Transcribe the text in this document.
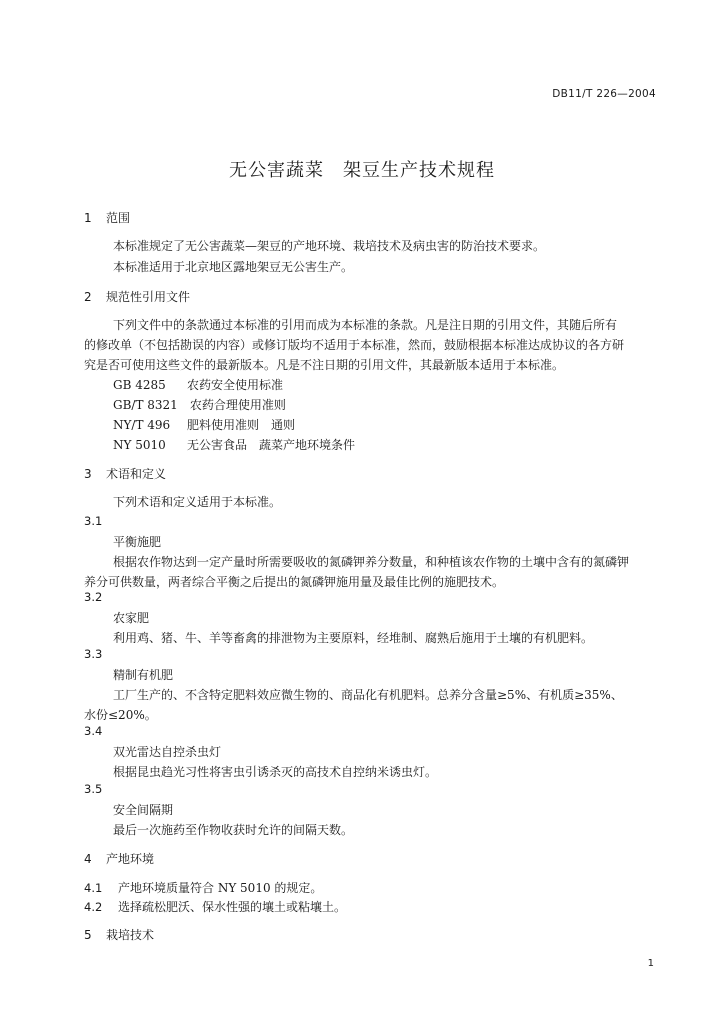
DB11/T 226—2004
无公害蔬菜　架豆生产技术规程
1 范围
本标准规定了无公害蔬菜—架豆的产地环境、栽培技术及病虫害的防治技术要求。
本标准适用于北京地区露地架豆无公害生产。
2 规范性引用文件
下列文件中的条款通过本标准的引用而成为本标准的条款。凡是注日期的引用文件，其随后所有
的修改单（不包括勘误的内容）或修订版均不适用于本标准，然而，鼓励根据本标准达成协议的各方研
究是否可使用这些文件的最新版本。凡是不注日期的引用文件，其最新版本适用于本标准。
GB 4285 农药安全使用标准
GB/T 8321 农药合理使用准则
NY/T 496 肥料使用准则　通则
NY 5010 无公害食品　蔬菜产地环境条件
3 术语和定义
下列术语和定义适用于本标准。
3.1
平衡施肥
根据农作物达到一定产量时所需要吸收的氮磷钾养分数量，和种植该农作物的土壤中含有的氮磷钾
养分可供数量，两者综合平衡之后提出的氮磷钾施用量及最佳比例的施肥技术。
3.2
农家肥
利用鸡、猪、牛、羊等畜禽的排泄物为主要原料，经堆制、腐熟后施用于土壤的有机肥料。
3.3
精制有机肥
工厂生产的、不含特定肥料效应微生物的、商品化有机肥料。总养分含量≥5%、有机质≥35%、
水份≤20%。
3.4
双光雷达自控杀虫灯
根据昆虫趋光习性将害虫引诱杀灭的高技术自控纳米诱虫灯。
3.5
安全间隔期
最后一次施药至作物收获时允许的间隔天数。
4 产地环境
4.1 产地环境质量符合 NY 5010 的规定。
4.2 选择疏松肥沃、保水性强的壤土或粘壤土。
5 栽培技术
1
